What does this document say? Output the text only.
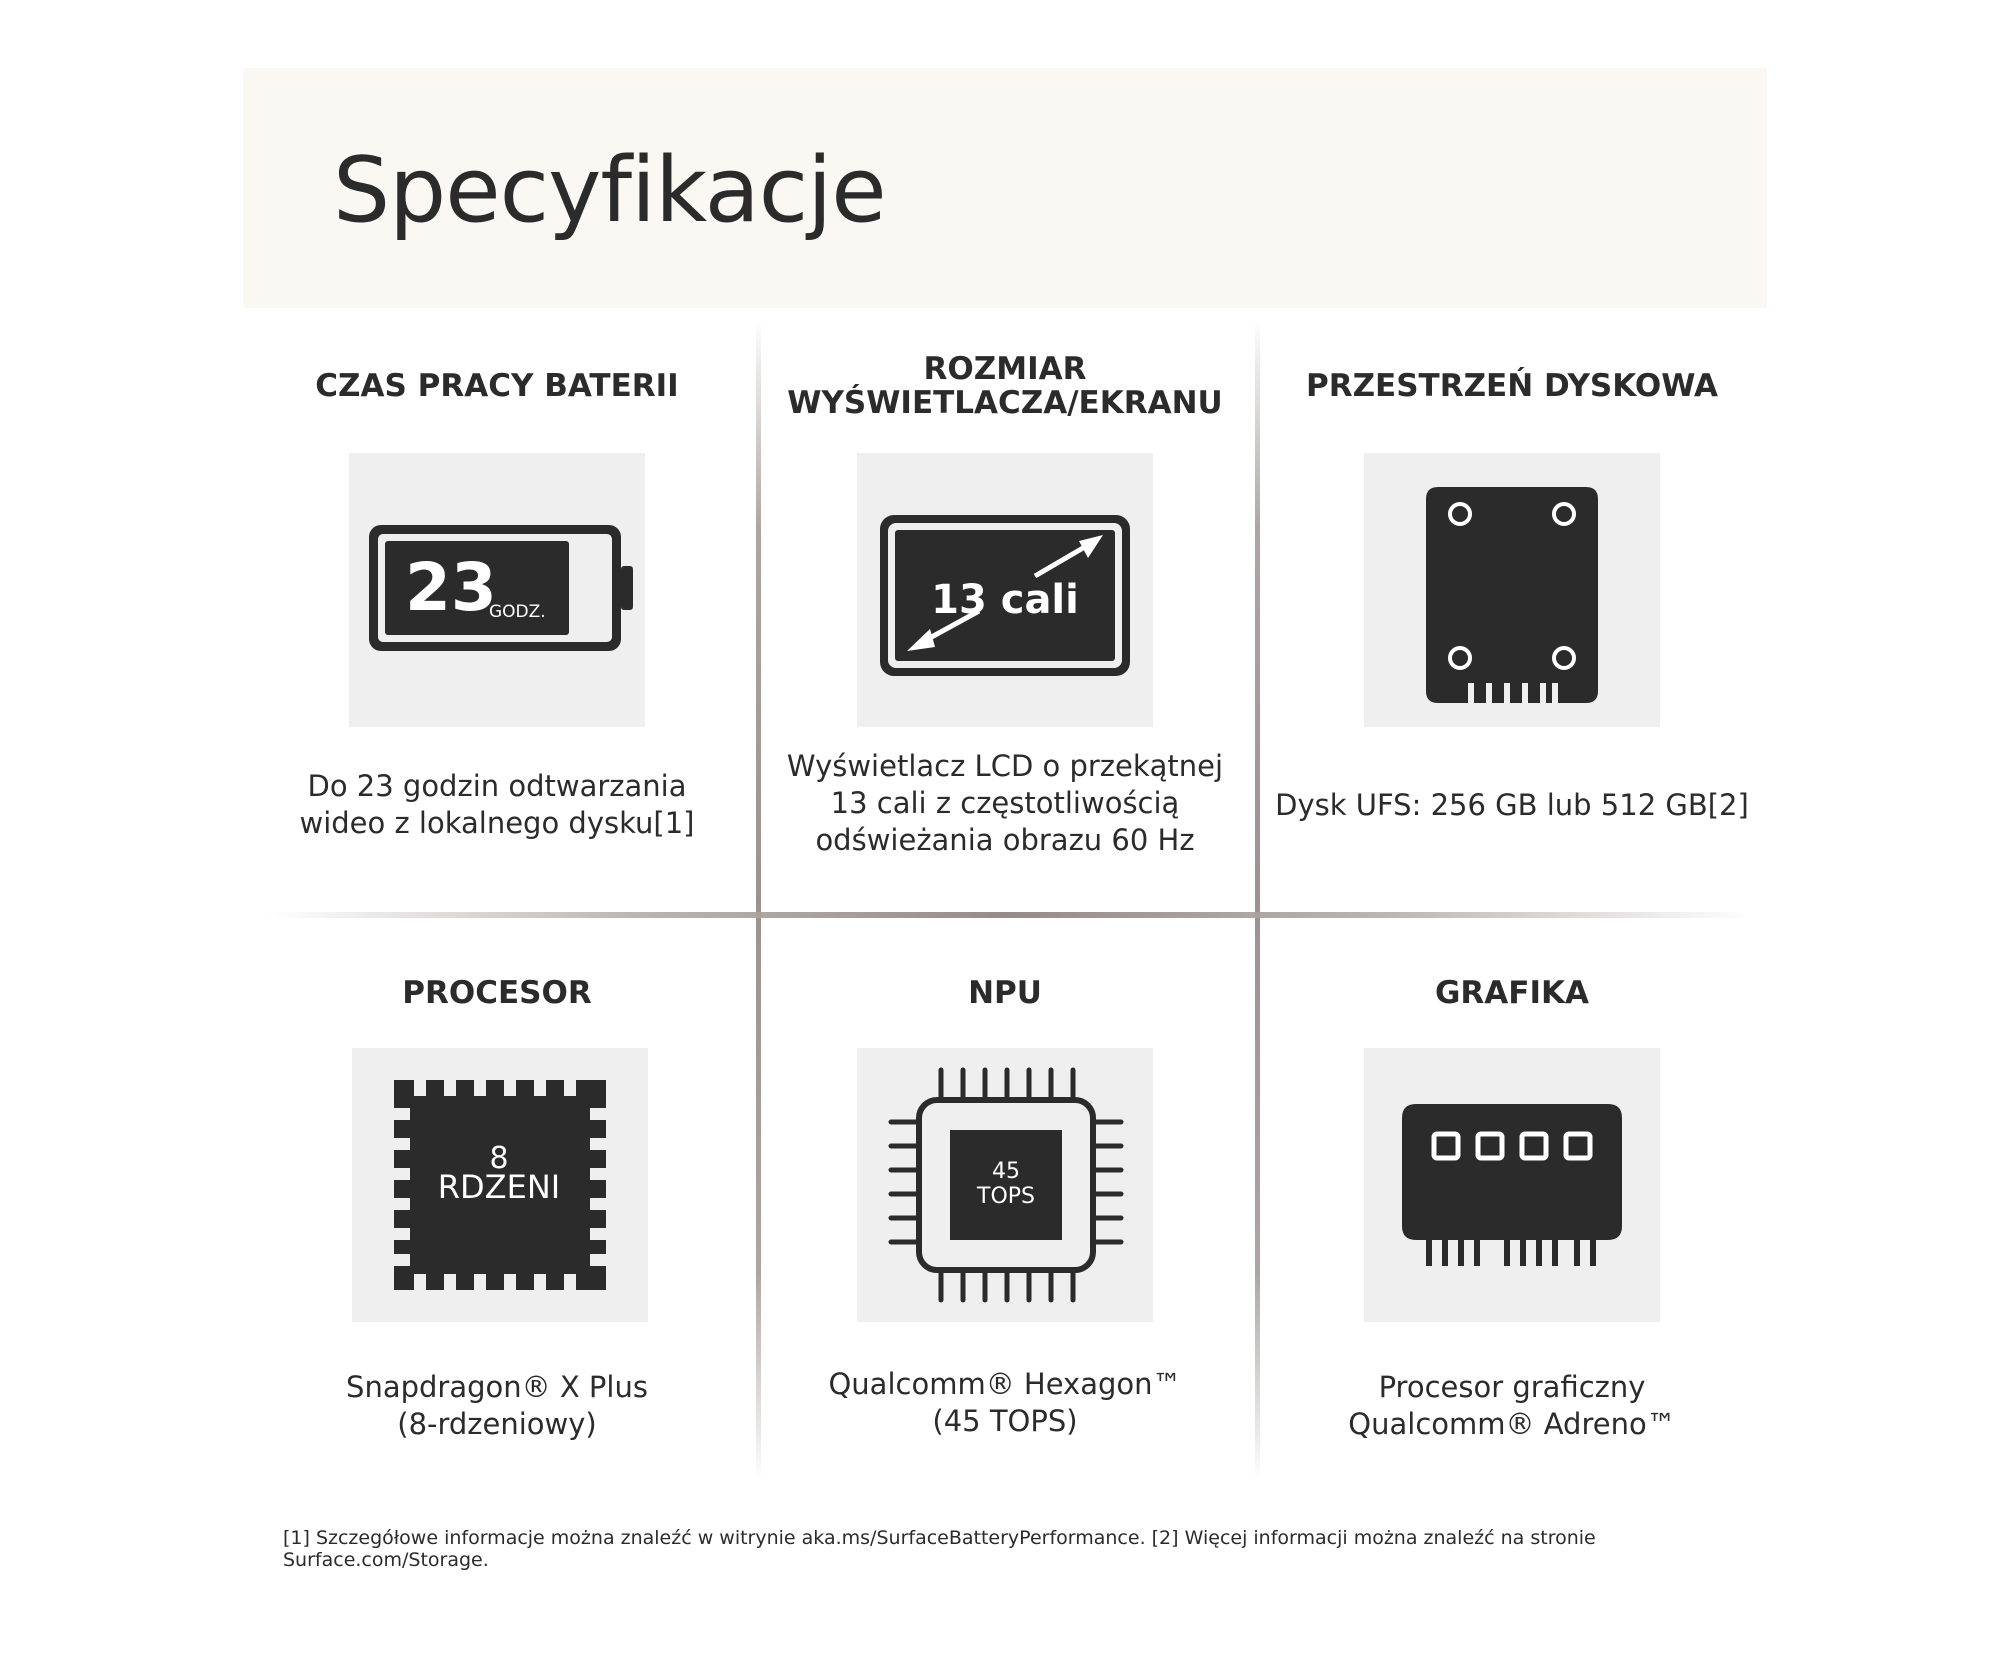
Specyfikacje
CZAS PRACY BATERII
23
GODZ.
Do 23 godzin odtwarzania
wideo z lokalnego dysku[1]
ROZMIAR
WYŚWIETLACZA/EKRANU
13 cali
Wyświetlacz LCD o przekątnej
13 cali z częstotliwością
odświeżania obrazu 60 Hz
PRZESTRZEŃ DYSKOWA
Dysk UFS: 256 GB lub 512 GB[2]
PROCESOR
8
RDZENI
Snapdragon® X Plus
(8-rdzeniowy)
NPU
45
TOPS
Qualcomm® Hexagon™
(45 TOPS)
GRAFIKA
Procesor graficzny
Qualcomm® Adreno™
[1] Szczegółowe informacje można znaleźć w witrynie aka.ms/SurfaceBatteryPerformance. [2] Więcej informacji można znaleźć na stronie
Surface.com/Storage.
